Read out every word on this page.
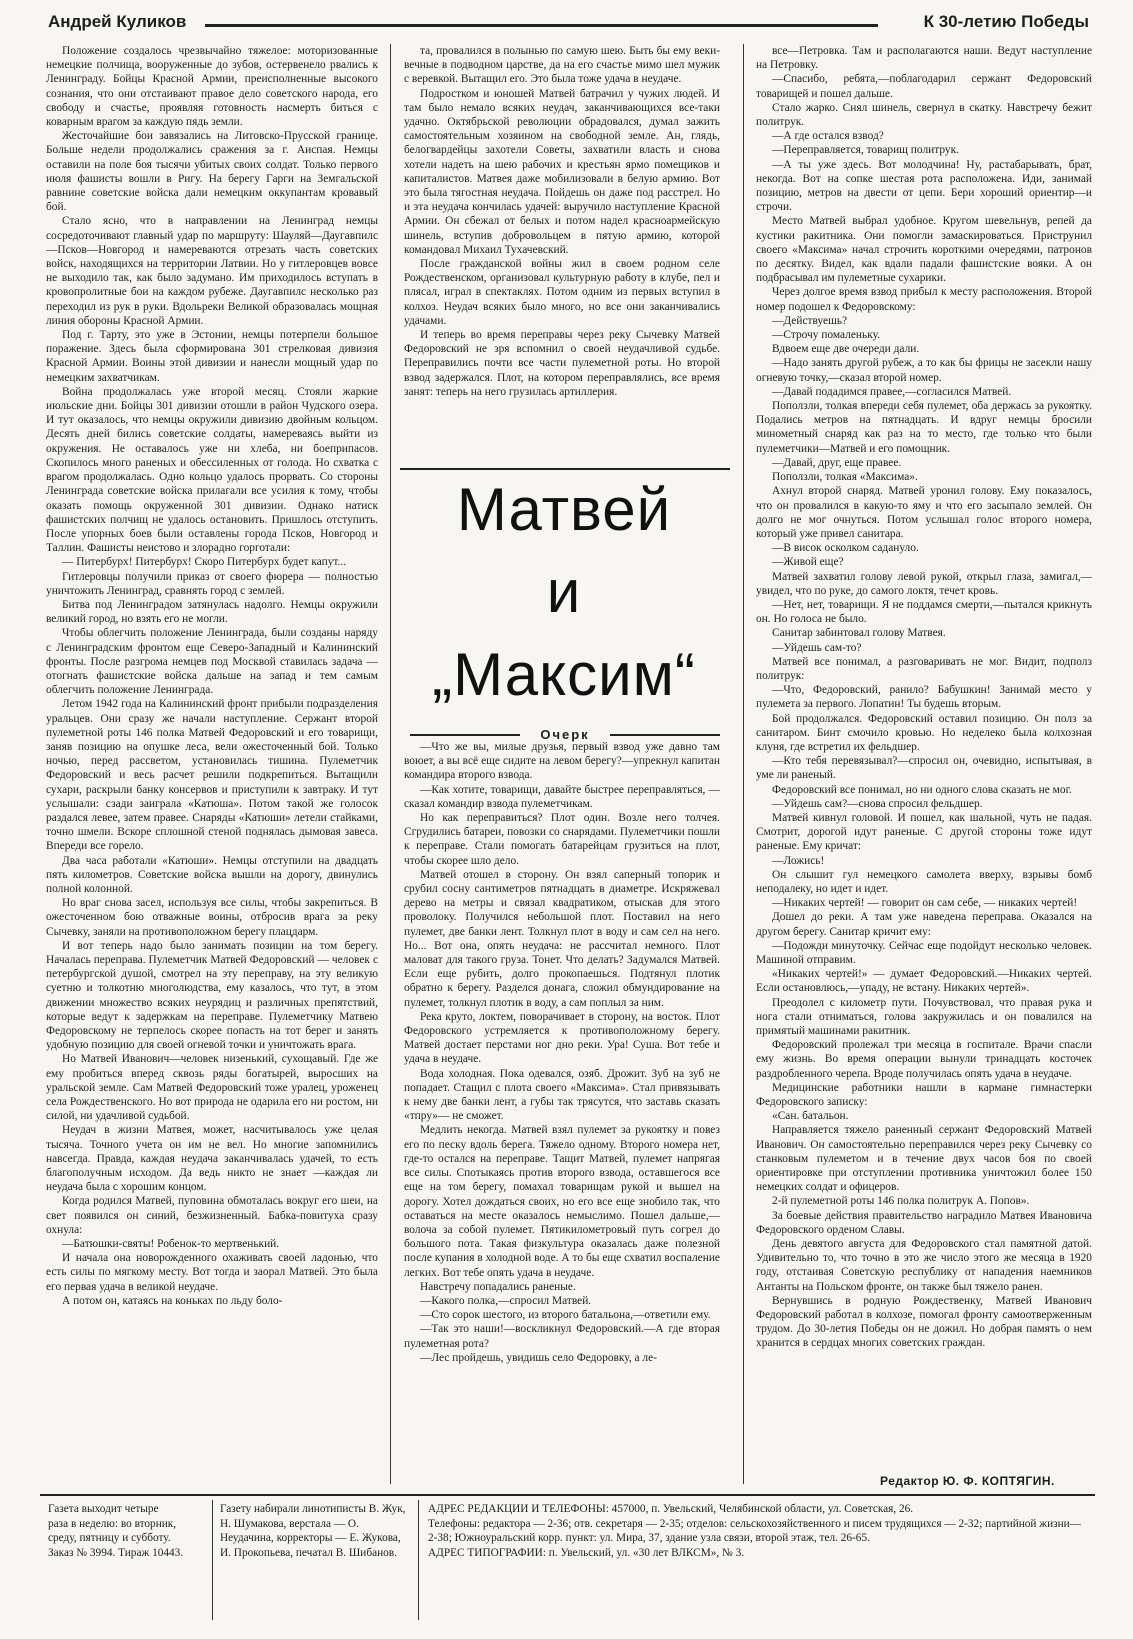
Андрей Куликов	К 30-летию Победы

Положение создалось чрезвычайно тяжелое: моторизованные немецкие полчища, вооруженные до зубов, остервенело рвались к Ленинграду. Бойцы Красной Армии, преисполненные высокого сознания, что они отстаивают правое дело советского народа, его свободу и счастье, проявляя готовность насмерть биться с коварным врагом за каждую пядь земли.

Жесточайшие бои завязались на Литовско-Прусской границе. Больше недели продолжались сражения за г. Аиспая. Немцы оставили на поле боя тысячи убитых своих солдат. Только первого июля фашисты вошли в Ригу. На берегу Гарги на Земгальской равнине советские войска дали немецким оккупантам кровавый бой.

Стало ясно, что в направлении на Ленинград немцы сосредоточивают главный удар по маршруту: Шауляй—Даугавпилс—Псков—Новгород и намереваются отрезать часть советских войск, находящихся на территории Латвии. Но у гитлеровцев вовсе не выходило так, как было задумано. Им приходилось вступать в кровопролитные бои на каждом рубеже. Даугавпилс несколько раз переходил из рук в руки. Вдольреки Великой образовалась мощная линия обороны Красной Армии.

Под г. Тарту, это уже в Эстонии, немцы потерпели большое поражение. Здесь была сформирована 301 стрелковая дивизия Красной Армии. Воины этой дивизии и нанесли мощный удар по немецким захватчикам.

Война продолжалась уже второй месяц. Стояли жаркие июльские дни. Бойцы 301 дивизии отошли в район Чудского озера. И тут оказалось, что немцы окружили дивизию двойным кольцом. Десять дней бились советские солдаты, намереваясь выйти из окружения. Не оставалось уже ни хлеба, ни боеприпасов. Скопилось много раненых и обессиленных от голода. Но схватка с врагом продолжалась. Одно кольцо удалось прорвать. Со стороны Ленинграда советские войска прилагали все усилия к тому, чтобы оказать помощь окруженной 301 дивизии. Однако натиск фашистских полчищ не удалось остановить. Пришлось отступить. После упорных боев были оставлены города Псков, Новгород и Таллин. Фашисты неистово и злорадно горготали:

— Питербурх! Питербурх! Скоро Питербурх будет капут...

Гитлеровцы получили приказ от своего фюрера — полностью уничтожить Ленинград, сравнять город с землей.

Битва под Ленинградом затянулась надолго. Немцы окружили великий город, но взять его не могли.

Чтобы облегчить положение Ленинграда, были созданы наряду с Ленинградским фронтом еще Северо-Западный и Калининский фронты. После разгрома немцев под Москвой ставилась задача — отогнать фашистские войска дальше на запад и тем самым облегчить положение Ленинграда.

Летом 1942 года на Калининский фронт прибыли подразделения уральцев. Они сразу же начали наступление. Сержант второй пулеметной роты 146 полка Матвей Федоровский и его товарищи, заняв позицию на опушке леса, вели ожесточенный бой. Только ночью, перед рассветом, установилась тишина. Пулеметчик Федоровский и весь расчет решили подкрепиться. Вытащили сухари, раскрыли банку консервов и приступили к завтраку. И тут услышали: сзади заиграла «Катюша». Потом такой же голосок раздался левее, затем правее. Снаряды «Катюши» летели стайками, точно шмели. Вскоре сплошной стеной поднялась дымовая завеса. Впереди все горело.

Два часа работали «Катюши». Немцы отступили на двадцать пять километров. Советские войска вышли на дорогу, двинулись полной колонной.

Но враг снова засел, используя все силы, чтобы закрепиться. В ожесточенном бою отважные воины, отбросив врага за реку Сычевку, заняли на противоположном берегу плацдарм.

И вот теперь надо было занимать позиции на том берегу. Началась переправа. Пулеметчик Матвей Федоровский — человек с петербургской душой, смотрел на эту переправу, на эту великую суетню и толкотню многолюдства, ему казалось, что тут, в этом движении множество всяких неурядиц и различных препятствий, которые ведут к задержкам на переправе. Пулеметчику Матвею Федоровскому не терпелось скорее попасть на тот берег и занять удобную позицию для своей огневой точки и уничтожать врага.

Но Матвей Иванович—человек низенький, сухощавый. Где же ему пробиться вперед сквозь ряды богатырей, выросших на уральской земле. Сам Матвей Федоровский тоже уралец, уроженец села Рождественского. Но вот природа не одарила его ни ростом, ни силой, ни удачливой судьбой.

Неудач в жизни Матвея, может, насчитывалось уже целая тысяча. Точного учета он им не вел. Но многие запомнились навсегда. Правда, каждая неудача заканчивалась удачей, то есть благополучным исходом. Да ведь никто не знает —каждая ли неудача была с хорошим концом.

Когда родился Матвей, пуповина обмоталась вокруг его шеи, на свет появился он синий, безжизненный. Бабка-повитуха сразу охнула:

—Батюшки-святы! Робенок-то мертвенький.

И начала она новорожденного охаживать своей ладонью, что есть силы по мягкому месту. Вот тогда и заорал Матвей. Это была его первая удача в великой неудаче.

А потом он, катаясь на коньках по льду боло-

та, провалился в полынью по самую шею. Быть бы ему веки-вечные в подводном царстве, да на его счастье мимо шел мужик с веревкой. Вытащил его. Это была тоже удача в неудаче.

Подростком и юношей Матвей батрачил у чужих людей. И там было немало всяких неудач, заканчивающихся все-таки удачно. Октябрьской революции обрадовался, думал зажить самостоятельным хозяином на свободной земле. Ан, глядь, белогвардейцы захотели Советы, захватили власть и снова хотели надеть на шею рабочих и крестьян ярмо помещиков и капиталистов. Матвея даже мобилизовали в белую армию. Вот это была тягостная неудача. Пойдешь он даже под расстрел. Но и эта неудача кончилась удачей: выручило наступление Красной Армии. Он сбежал от белых и потом надел красноармейскую шинель, вступив добровольцем в пятую армию, которой командовал Михаил Тухачевский.

После гражданской войны жил в своем родном селе Рождественском, организовал культурную работу в клубе, пел и плясал, играл в спектаклях. Потом одним из первых вступил в колхоз. Неудач всяких было много, но все они заканчивались удачами.

И теперь во время переправы через реку Сычевку Матвей Федоровский не зря вспомнил о своей неудачливой судьбе. Переправились почти все части пулеметной роты. Но второй взвод задержался. Плот, на котором переправлялись, все время занят: теперь на него грузилась артиллерия.

Матвей
и
„Максим“
Очерк

—Что же вы, милые друзья, первый взвод уже давно там воюет, а вы всё еще сидите на левом берегу?—упрекнул капитан командира второго взвода.

—Как хотите, товарищи, давайте быстрее переправляться, — сказал командир взвода пулеметчикам.

Но как переправиться? Плот один. Возле него толчея. Сгрудились батареи, повозки со снарядами. Пулеметчики пошли к переправе. Стали помогать батарейцам грузиться на плот, чтобы скорее шло дело.

Матвей отошел в сторону. Он взял саперный топорик и срубил сосну сантиметров пятнадцать в диаметре. Искряжевал дерево на метры и связал квадратиком, отыскав для этого проволоку. Получился небольшой плот. Поставил на него пулемет, две банки лент. Толкнул плот в воду и сам сел на него. Но... Вот она, опять неудача: не рассчитал немного. Плот маловат для такого груза. Тонет. Что делать? Задумался Матвей. Если еще рубить, долго прокопаешься. Подтянул плотик обратно к берегу. Разделся донага, сложил обмундирование на пулемет, толкнул плотик в воду, а сам поплыл за ним.

Река круто, локтем, поворачивает в сторону, на восток. Плот Федоровского устремляется к противоположному берегу. Матвей достает перстами ног дно реки. Ура! Суша. Вот тебе и удача в неудаче.

Вода холодная. Пока одевался, озяб. Дрожит. Зуб на зуб не попадает. Стащил с плота своего «Максима». Стал привязывать к нему две банки лент, а губы так трясутся, что заставь сказать «тпру»— не сможет.

Медлить некогда. Матвей взял пулемет за рукоятку и повез его по песку вдоль берега. Тяжело одному. Второго номера нет, где-то остался на переправе. Тащит Матвей, пулемет напрягая все силы. Спотыкаясь против второго взвода, оставшегося все еще на том берегу, помахал товарищам рукой и вышел на дорогу. Хотел дождаться своих, но его все еще знобило так, что оставаться на месте оказалось немыслимо. Пошел дальше,—волоча за собой пулемет. Пятикилометровый путь согрел до большого пота. Такая физкультура оказалась даже полезной после купания в холодной воде. А то бы еще схватил воспаление легких. Вот тебе опять удача в неудаче.

Навстречу попадались раненые.

—Какого полка,—спросил Матвей.

—Сто сорок шестого, из второго батальона,—ответили ему.

—Так это наши!—воскликнул Федоровский.—А где вторая пулеметная рота?

—Лес пройдешь, увидишь село Федоровку, а ле-

все—Петровка. Там и располагаются наши. Ведут наступление на Петровку.

—Спасибо, ребята,—поблагодарил сержант Федоровский товарищей и пошел дальше.

Стало жарко. Снял шинель, свернул в скатку. Навстречу бежит политрук.

—А где остался взвод?

—Переправляется, товарищ политрук.

—А ты уже здесь. Вот молодчина! Ну, растабарывать, брат, некогда. Вот на сопке шестая рота расположена. Иди, занимай позицию, метров на двести от цепи. Бери хороший ориентир—и строчи.

Место Матвей выбрал удобное. Кругом шевельнув, репей да кустики ракитника. Они помогли замаскироваться. Приструнил своего «Максима» начал строчить короткими очередями, патронов по десятку. Видел, как вдали падали фашистские вояки. А он подбрасывал им пулеметные сухарики.

Через долгое время взвод прибыл к месту расположения. Второй номер подошел к Федоровскому:

—Действуешь?

—Строчу помаленьку.

Вдвоем еще две очереди дали.

—Надо занять другой рубеж, а то как бы фрицы не засекли нашу огневую точку,—сказал второй номер.

—Давай подадимся правее,—согласился Матвей.

Поползли, толкая впереди себя пулемет, оба держась за рукоятку. Подались метров на пятнадцать. И вдруг немцы бросили минометный снаряд как раз на то место, где только что были пулеметчики—Матвей и его помощник.

—Давай, друг, еще правее.

Поползли, толкая «Максима».

Ахнул второй снаряд. Матвей уронил голову. Ему показалось, что он провалился в какую-то яму и что его засыпало землей. Он долго не мог очнуться. Потом услышал голос второго номера, который уже привел санитара.

—В висок осколком садануло.

—Живой еще?

Матвей захватил голову левой рукой, открыл глаза, замигал,— увидел, что по руке, до самого локтя, течет кровь.

—Нет, нет, товарищи. Я не поддамся смерти,—пытался крикнуть он. Но голоса не было.

Санитар забинтовал голову Матвея.

—Уйдешь сам-то?

Матвей все понимал, а разговаривать не мог. Видит, подполз политрук:

—Что, Федоровский, ранило? Бабушкин! Занимай место у пулемета за первого. Лопатин! Ты будешь вторым.

Бой продолжался. Федоровский оставил позицию. Он полз за санитаром. Бинт смочило кровью. Но неделеко была колхозная клуня, где встретил их фельдшер.

—Кто тебя перевязывал?—спросил он, очевидно, испытывая, в уме ли раненый.

Федоровский все понимал, но ни одного слова сказать не мог.

—Уйдешь сам?—снова спросил фельдшер.

Матвей кивнул головой. И пошел, как шальной, чуть не падая. Смотрит, дорогой идут раненые. С другой стороны тоже идут раненые. Ему кричат:

—Ложись!

Он слышит гул немецкого самолета вверху, взрывы бомб неподалеку, но идет и идет.

—Никаких чертей! — говорит он сам себе, — никаких чертей!

Дошел до реки. А там уже наведена переправа. Оказался на другом берегу. Санитар кричит ему:

—Подожди минуточку. Сейчас еще подойдут несколько человек. Машиной отправим.

«Никаких чертей!» — думает Федоровский.—Никаких чертей. Если остановлюсь,—упаду, не встану. Никаких чертей».

Преодолел с километр пути. Почувствовал, что правая рука и нога стали отниматься, голова закружилась и он повалился на примятый машинами ракитник.

Федоровский пролежал три месяца в госпитале. Врачи спасли ему жизнь. Во время операции вынули тринадцать косточек раздробленного черепа. Вроде получилась опять удача в неудаче.

Медицинские работники нашли в кармане гимнастерки Федоровского записку:

«Сан. батальон.

Направляется тяжело раненный сержант Федоровский Матвей Иванович. Он самостоятельно переправился через реку Сычевку со станковым пулеметом и в течение двух часов боя по своей ориентировке при отступлении противника уничтожил более 150 немецких солдат и офицеров.

2-й пулеметной роты 146 полка политрук А. Попов».

За боевые действия правительство наградило Матвея Ивановича Федоровского орденом Славы.

День девятого августа для Федоровского стал памятной датой. Удивительно то, что точно в это же число этого же месяца в 1920 году, отстаивая Советскую республику от нападения наемников Антанты на Польском фронте, он также был тяжело ранен.

Вернувшись в родную Рождественку, Матвей Иванович Федоровский работал в колхозе, помогал фронту самоотверженным трудом. До 30-летия Победы он не дожил. Но добрая память о нем хранится в сердцах многих советских граждан.

Редактор Ю. Ф. КОПТЯГИН.

Газета выходит четыре

раза в неделю: во вторник,

среду, пятницу и субботу.

Заказ № 3994. Тираж 10443.

Газету набирали линотиписты В. Жук, Н. Шумакова, верстала — О. Неудачина, корректоры — Е. Жукова, И. Прокопьева, печатал В. Шибанов.

АДРЕС РЕДАКЦИИ И ТЕЛЕФОНЫ: 457000, п. Увельский, Челябинской области, ул. Советская, 26.

Телефоны: редактора — 2-36; отв. секретаря — 2-35; отделов: сельскохозяйственного и писем трудящихся — 2-32; партийной жизни—2-38; Южноуральский корр. пункт: ул. Мира, 37, здание узла связи, второй этаж, тел. 26-65.

АДРЕС ТИПОГРАФИИ: п. Увельский, ул. «30 лет ВЛКСМ», № 3.
